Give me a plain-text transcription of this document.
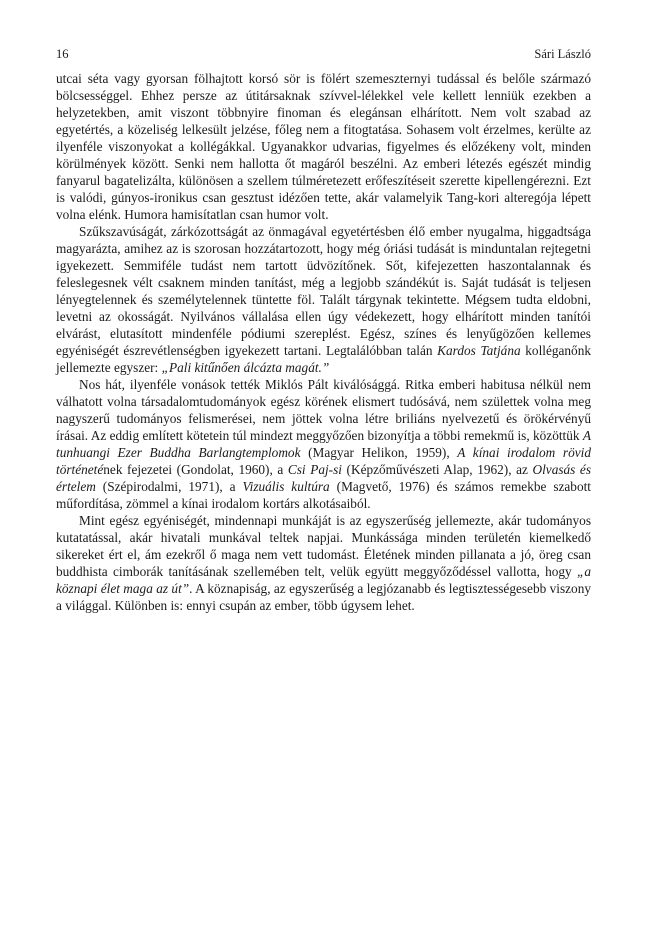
16	Sári László

utcai séta vagy gyorsan fölhajtott korsó sör is fölért szemeszternyi tudással és belőle származó bölcsességgel. Ehhez persze az útitársaknak szívvel-lélekkel vele kellett lenniük ezekben a helyzetekben, amit viszont többnyire finoman és elegánsan elhárított. Nem volt szabad az egyetértés, a közeliség lelkesült jelzése, főleg nem a fitogtatása. Sohasem volt érzelmes, kerülte az ilyenféle viszonyokat a kollégákkal. Ugyanakkor udvarias, figyelmes és előzékeny volt, minden körülmények között. Senki nem hallotta őt magáról beszélni. Az emberi létezés egészét mindig fanyarul bagatelizálta, különösen a szellem túlméretezett erőfeszítéseit szerette kipellengérezni. Ezt is valódi, gúnyos-ironikus csan gesztust idézően tette, akár valamelyik Tang-kori alteregója lépett volna elénk. Humora hamisítatlan csan humor volt.

Szűkszavúságát, zárkózottságát az önmagával egyetértésben élő ember nyugalma, higgadtsága magyarázta, amihez az is szorosan hozzátartozott, hogy még óriási tudását is minduntalan rejtegetni igyekezett. Semmiféle tudást nem tartott üdvözítőnek. Sőt, kifejezetten haszontalannak és feleslegesnek vélt csaknem minden tanítást, még a legjobb szándékút is. Saját tudását is teljesen lényegtelennek és személytelennek tüntette föl. Talált tárgynak tekintette. Mégsem tudta eldobni, levetni az okosságát. Nyilvános vállalása ellen úgy védekezett, hogy elhárított minden tanítói elvárást, elutasított mindenféle pódiumi szereplést. Egész, színes és lenyűgözően kellemes egyéniségét észrevétlenségben igyekezett tartani. Legtalálóbban talán Kardos Tatjána kolléganőnk jellemezte egyszer: „Pali kitűnően álcázta magát.”

Nos hát, ilyenféle vonások tették Miklós Pált kiválósággá. Ritka emberi habitusa nélkül nem válhatott volna társadalomtudományok egész körének elismert tudósává, nem születtek volna meg nagyszerű tudományos felismerései, nem jöttek volna létre briliáns nyelvezetű és örökérvényű írásai. Az eddig említett kötetein túl mindezt meggyőzően bizonyítja a többi remekmű is, közöttük A tunhuangi Ezer Buddha Barlangtemplomok (Magyar Helikon, 1959), A kínai irodalom rövid történetének fejezetei (Gondolat, 1960), a Csi Paj-si (Képzőművészeti Alap, 1962), az Olvasás és értelem (Szépirodalmi, 1971), a Vizuális kultúra (Magvető, 1976) és számos remekbe szabott műfordítása, zömmel a kínai irodalom kortárs alkotásaiból.

Mint egész egyéniségét, mindennapi munkáját is az egyszerűség jellemezte, akár tudományos kutatatással, akár hivatali munkával teltek napjai. Munkássága minden területén kiemelkedő sikereket ért el, ám ezekről ő maga nem vett tudomást. Életének minden pillanata a jó, öreg csan buddhista cimborák tanításának szellemében telt, velük együtt meggyőződéssel vallotta, hogy „a köznapi élet maga az út”. A köznapiság, az egyszerűség a legjózanabb és legtisztességesebb viszony a világgal. Különben is: ennyi csupán az ember, több úgysem lehet.
